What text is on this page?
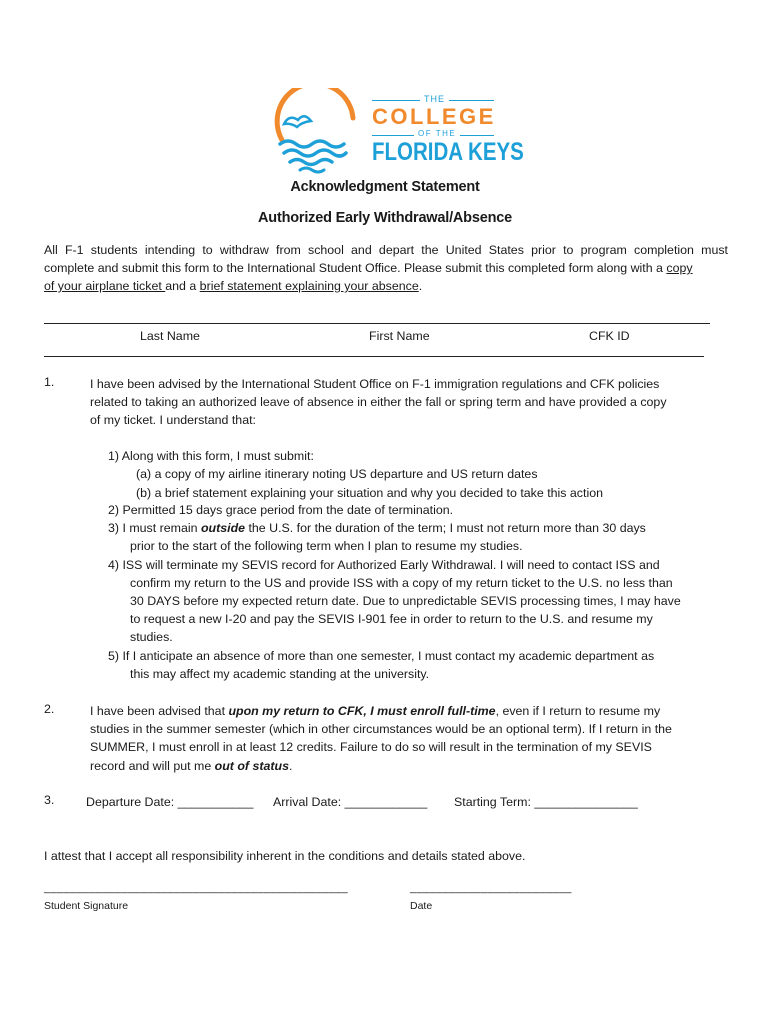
THE
COLLEGE
OF THE
FLORIDA KEYS
Acknowledgment Statement
Authorized Early Withdrawal/Absence
All F-1 students intending to withdraw from school and depart the United States prior to program completion must
complete and submit this form to the International Student Office. Please submit this completed form along with a copy
of your airplane ticket and a brief statement explaining your absence.
Last Name	First Name	CFK ID
1.	I have been advised by the International Student Office on F-1 immigration regulations and CFK policies
related to taking an authorized leave of absence in either the fall or spring term and have provided a copy
of my ticket. I understand that:
1) Along with this form, I must submit:
(a) a copy of my airline itinerary noting US departure and US return dates
(b) a brief statement explaining your situation and why you decided to take this action
2) Permitted 15 days grace period from the date of termination.
3) I must remain outside the U.S. for the duration of the term; I must not return more than 30 days
prior to the start of the following term when I plan to resume my studies.
4) ISS will terminate my SEVIS record for Authorized Early Withdrawal. I will need to contact ISS and
confirm my return to the US and provide ISS with a copy of my return ticket to the U.S. no less than
30 DAYS before my expected return date. Due to unpredictable SEVIS processing times, I may have
to request a new I-20 and pay the SEVIS I-901 fee in order to return to the U.S. and resume my
studies.
5) If I anticipate an absence of more than one semester, I must contact my academic department as
this may affect my academic standing at the university.
2.	I have been advised that upon my return to CFK, I must enroll full-time, even if I return to resume my
studies in the summer semester (which in other circumstances would be an optional term). If I return in the
SUMMER, I must enroll in at least 12 credits. Failure to do so will result in the termination of my SEVIS
record and will put me out of status.
3.	Departure Date: ___________ Arrival Date: ____________ Starting Term: _______________
I attest that I accept all responsibility inherent in the conditions and details stated above.
_______________________________________________	_________________________
Student Signature	Date
